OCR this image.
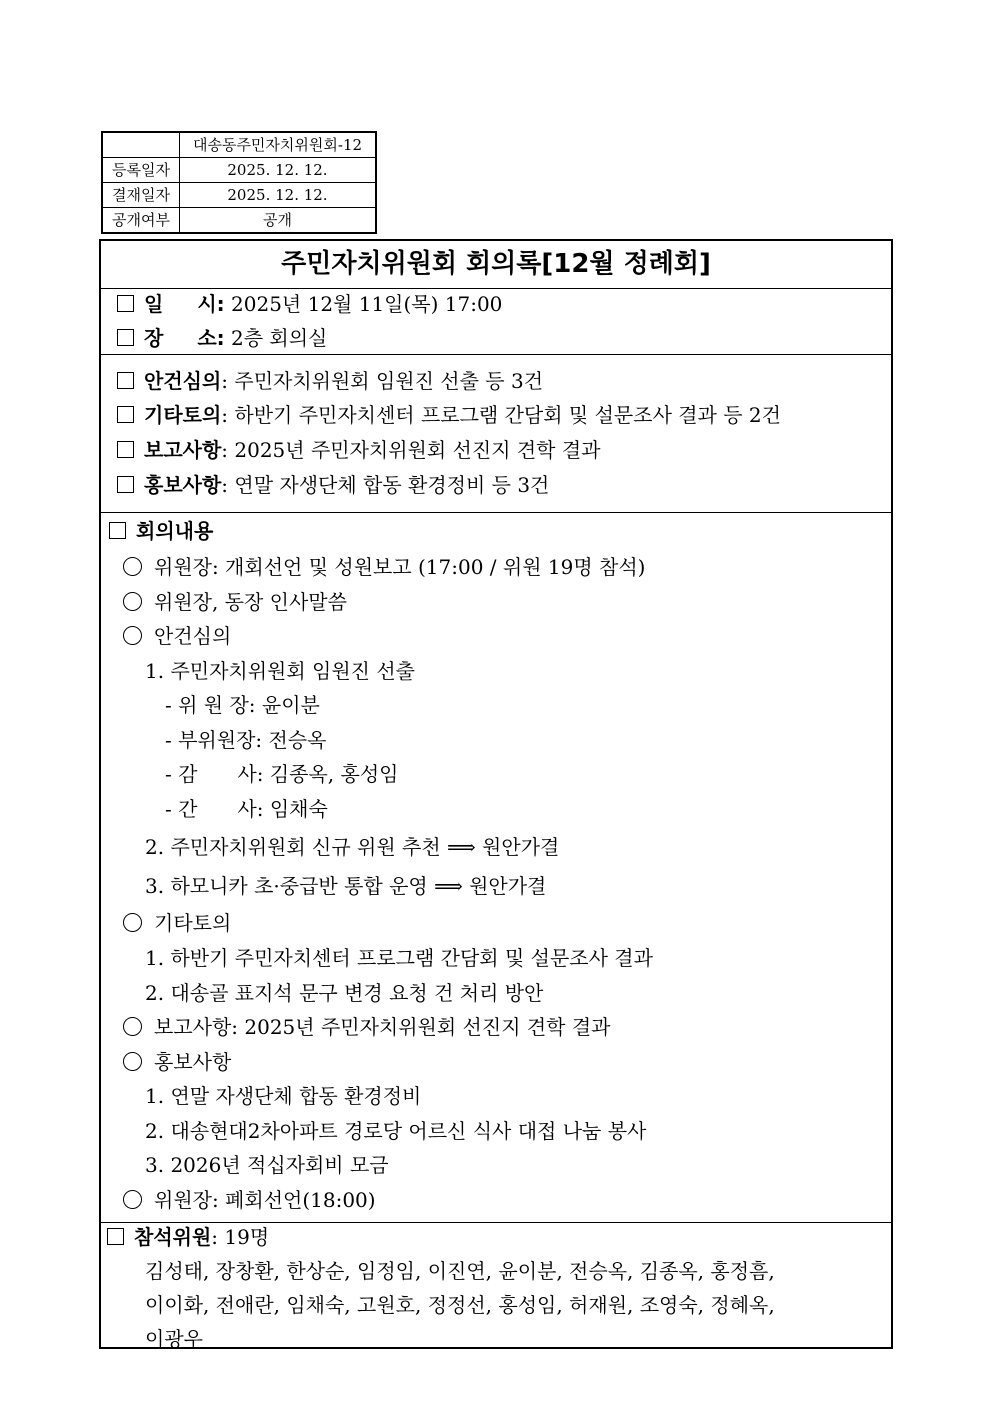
	대송동주민자치위원회-12
등록일자	2025. 12. 12.
결재일자	2025. 12. 12.
공개여부	공개
주민자치위원회 회의록[12월 정례회]
일 시: 2025년 12월 11일(목) 17:00
장 소: 2층 회의실
안건심의: 주민자치위원회 임원진 선출 등 3건
기타토의: 하반기 주민자치센터 프로그램 간담회 및 설문조사 결과 등 2건
보고사항: 2025년 주민자치위원회 선진지 견학 결과
홍보사항: 연말 자생단체 합동 환경정비 등 3건
회의내용
위원장: 개회선언 및 성원보고 (17:00 / 위원 19명 참석)
위원장, 동장 인사말씀
안건심의
1. 주민자치위원회 임원진 선출
- 위 원 장: 윤이분
- 부위원장: 전승옥
- 감　　사: 김종옥, 홍성임
- 간　　사: 임채숙
2. 주민자치위원회 신규 위원 추천 ⟹ 원안가결
3. 하모니카 초·중급반 통합 운영 ⟹ 원안가결
기타토의
1. 하반기 주민자치센터 프로그램 간담회 및 설문조사 결과
2. 대송골 표지석 문구 변경 요청 건 처리 방안
보고사항: 2025년 주민자치위원회 선진지 견학 결과
홍보사항
1. 연말 자생단체 합동 환경정비
2. 대송현대2차아파트 경로당 어르신 식사 대접 나눔 봉사
3. 2026년 적십자회비 모금
위원장: 폐회선언(18:00)
참석위원: 19명
김성태, 장창환, 한상순, 임정임, 이진연, 윤이분, 전승옥, 김종옥, 홍정흠,
이이화, 전애란, 임채숙, 고원호, 정정선, 홍성임, 허재원, 조영숙, 정혜옥,
이광우
